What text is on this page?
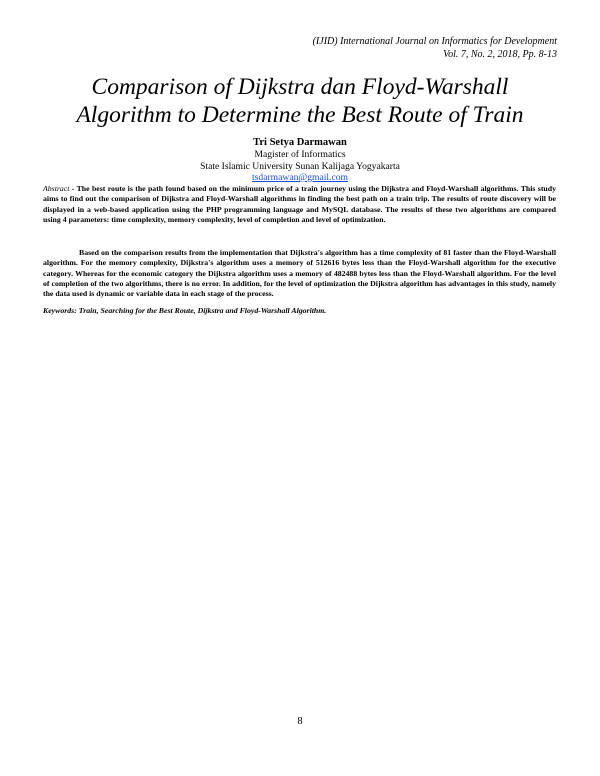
(IJID) International Journal on Informatics for Development
Vol. 7, No. 2, 2018, Pp. 8-13
Comparison of Dijkstra dan Floyd-Warshall
Algorithm to Determine the Best Route of Train
Tri Setya Darmawan
Magister of Informatics
State Islamic University Sunan Kalijaga Yogyakarta
tsdarmawan@gmail.com

Abstract - The best route is the path found based on the minimum price of a train journey using the Dijkstra and Floyd-Warshall algorithms. This study aims to find out the comparison of Dijkstra and Floyd-Warshall algorithms in finding the best path on a train trip. The results of route discovery will be displayed in a web-based application using the PHP programming language and MySQL database. The results of these two algorithms are compared using 4 parameters: time complexity, memory complexity, level of completion and level of optimization.

Based on the comparison results from the implementation that Dijkstra's algorithm has a time complexity of 81 faster than the Floyd-Warshall algorithm. For the memory complexity, Dijkstra's algorithm uses a memory of 512616 bytes less than the Floyd-Warshall algorithm for the executive category. Whereas for the economic category the Dijkstra algorithm uses a memory of 482488 bytes less than the Floyd-Warshall algorithm. For the level of completion of the two algorithms, there is no error. In addition, for the level of optimization the Dijkstra algorithm has advantages in this study, namely the data used is dynamic or variable data in each stage of the process.

Keywords: Train, Searching for the Best Route, Dijkstra and Floyd-Warshall Algorithm.
8
